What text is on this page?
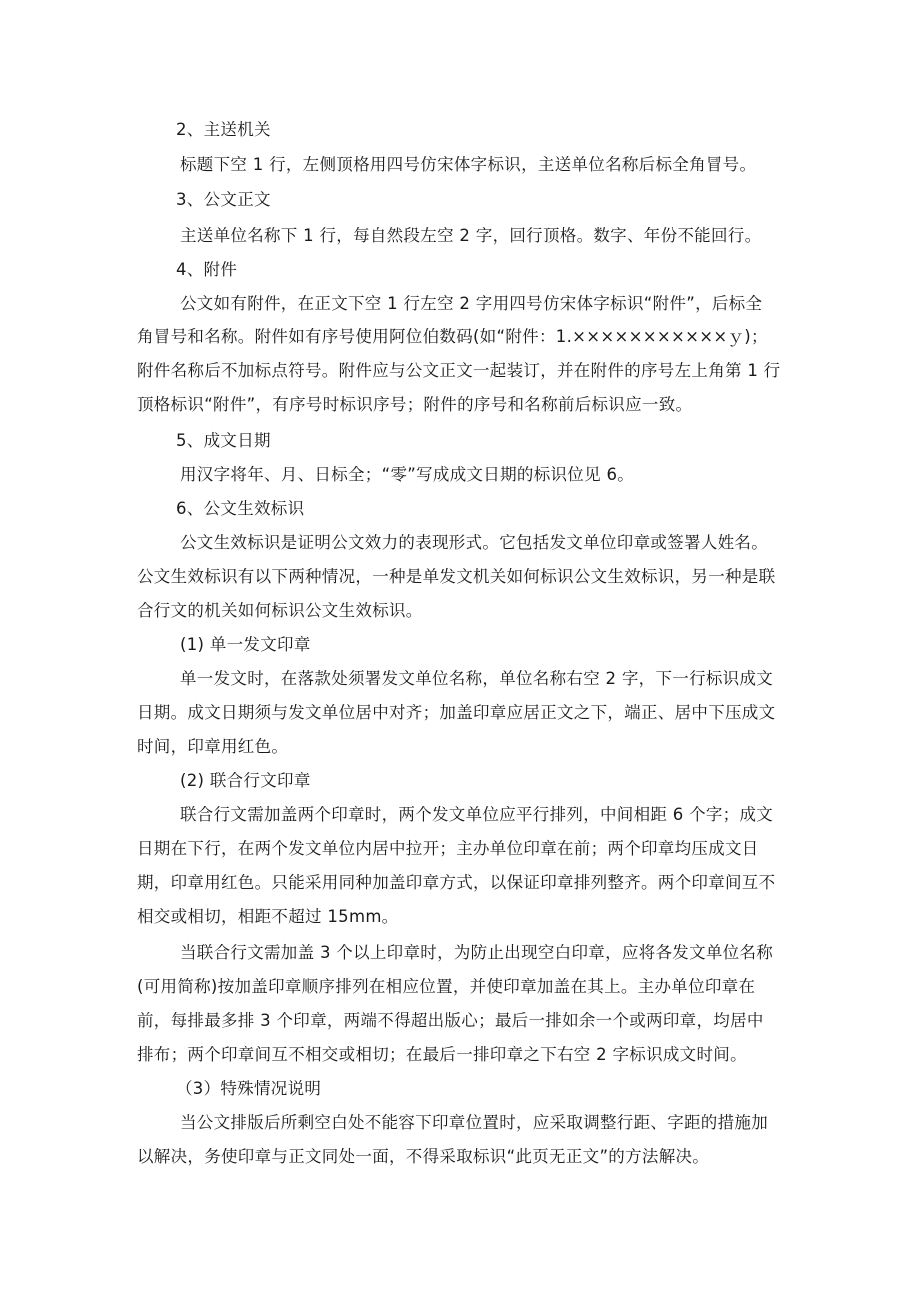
2、主送机关
标题下空 1 行，左侧顶格用四号仿宋体字标识，主送单位名称后标全角冒号。
3、公文正文
主送单位名称下 1 行，每自然段左空 2 字，回行顶格。数字、年份不能回行。
4、附件
公文如有附件，在正文下空 1 行左空 2 字用四号仿宋体字标识“附件”，后标全
角冒号和名称。附件如有序号使用阿位伯数码(如“附件：1.×××××××××××ｙ)；
附件名称后不加标点符号。附件应与公文正文一起装订，并在附件的序号左上角第 1 行
顶格标识“附件”，有序号时标识序号；附件的序号和名称前后标识应一致。
5、成文日期
用汉字将年、月、日标全；“零”写成成文日期的标识位见 6。
6、公文生效标识
公文生效标识是证明公文效力的表现形式。它包括发文单位印章或签署人姓名。
公文生效标识有以下两种情况，一种是单发文机关如何标识公文生效标识，另一种是联
合行文的机关如何标识公文生效标识。
(1) 单一发文印章
单一发文时，在落款处须署发文单位名称，单位名称右空 2 字，下一行标识成文
日期。成文日期须与发文单位居中对齐；加盖印章应居正文之下，端正、居中下压成文
时间，印章用红色。
(2) 联合行文印章
联合行文需加盖两个印章时，两个发文单位应平行排列，中间相距 6 个字；成文
日期在下行，在两个发文单位内居中拉开；主办单位印章在前；两个印章均压成文日
期，印章用红色。只能采用同种加盖印章方式，以保证印章排列整齐。两个印章间互不
相交或相切，相距不超过 15mm。
当联合行文需加盖 3 个以上印章时，为防止出现空白印章，应将各发文单位名称
(可用简称)按加盖印章顺序排列在相应位置，并使印章加盖在其上。主办单位印章在
前，每排最多排 3 个印章，两端不得超出版心；最后一排如余一个或两印章，均居中
排布；两个印章间互不相交或相切；在最后一排印章之下右空 2 字标识成文时间。
（3）特殊情况说明
当公文排版后所剩空白处不能容下印章位置时，应采取调整行距、字距的措施加
以解决，务使印章与正文同处一面，不得采取标识“此页无正文”的方法解决。
